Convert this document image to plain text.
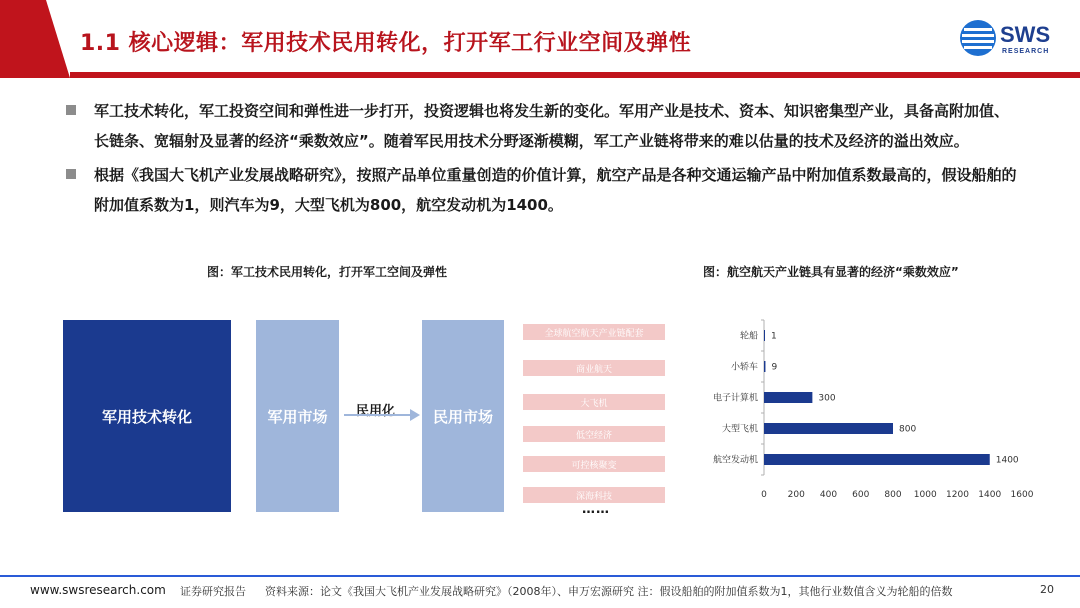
1.1 核心逻辑：军用技术民用转化，打开军工行业空间及弹性	SWS
RESEARCH
军工技术转化，军工投资空间和弹性进一步打开，投资逻辑也将发生新的变化。军用产业是技术、资本、知识密集型产业，具备高附加值、长链条、宽辐射及显著的经济“乘数效应”。随着军民用技术分野逐渐模糊，军工产业链将带来的难以估量的技术及经济的溢出效应。
根据《我国大飞机产业发展战略研究》，按照产品单位重量创造的价值计算，航空产品是各种交通运输产品中附加值系数最高的，假设船舶的附加值系数为1，则汽车为9，大型飞机为800，航空发动机为1400。
图：军工技术民用转化，打开军工空间及弹性	图：航空航天产业链具有显著的经济“乘数效应”
军用技术转化	军用市场	民用化	民用市场
全球航空航天产业链配套
商业航天
大飞机
低空经济
可控核聚变
深海科技
……
轮船 1
小轿车 9
电子计算机	300
大型飞机	800
航空发动机	1400
0 200 400 600 800 1000 1200 1400 1600
www.swsresearch.com 证券研究报告 资料来源：论文《我国大飞机产业发展战略研究》（2008年）、申万宏源研究 注：假设船舶的附加值系数为1，其他行业数值含义为轮船的倍数	20
